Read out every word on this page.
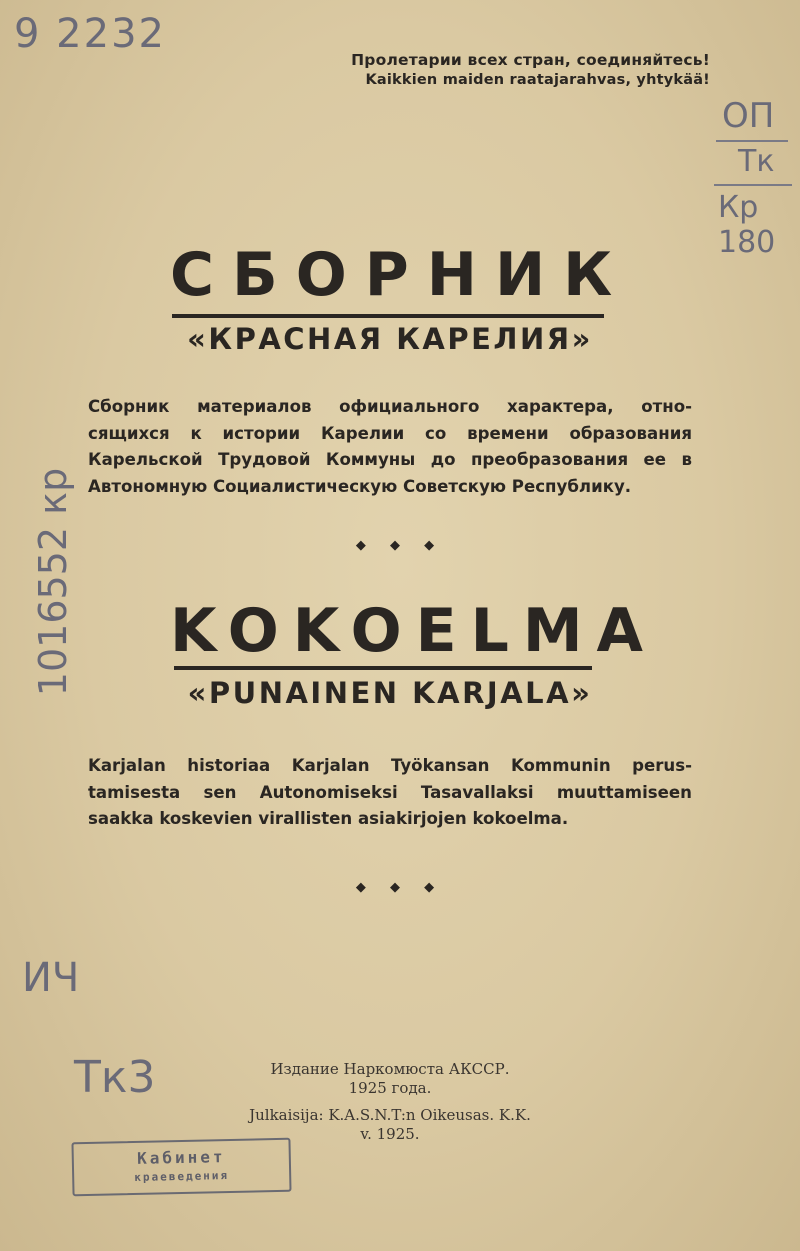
9 2232
ОП
Тк
Кр 180
1016552 кр
ИЧ
Тк3
Пролетарии всех стран, соединяйтесь!
Kaikkien maiden raatajarahvas, yhtykää!
СБОРНИК
«КРАСНАЯ КАРЕЛИЯ»
Сборник материалов официального характера, отно-
сящихся к истории Карелии со времени образования
Карельской Трудовой Коммуны до преобразования ее в
Автономную Социалистическую Советскую Республику.
◆ ◆ ◆
KOKOELMA
«PUNAINEN KARJALA»
Karjalan historiaa Karjalan Työkansan Kommunin perus-
tamisesta sen Autonomiseksi Tasavallaksi muuttamiseen
saakka koskevien virallisten asiakirjojen kokoelma.
◆ ◆ ◆
Издание Наркомюста АКССР.
1925 года.
Julkaisija: K.A.S.N.T:n Oikeusas. K.K.
v. 1925.
Кабинет
краеведения
